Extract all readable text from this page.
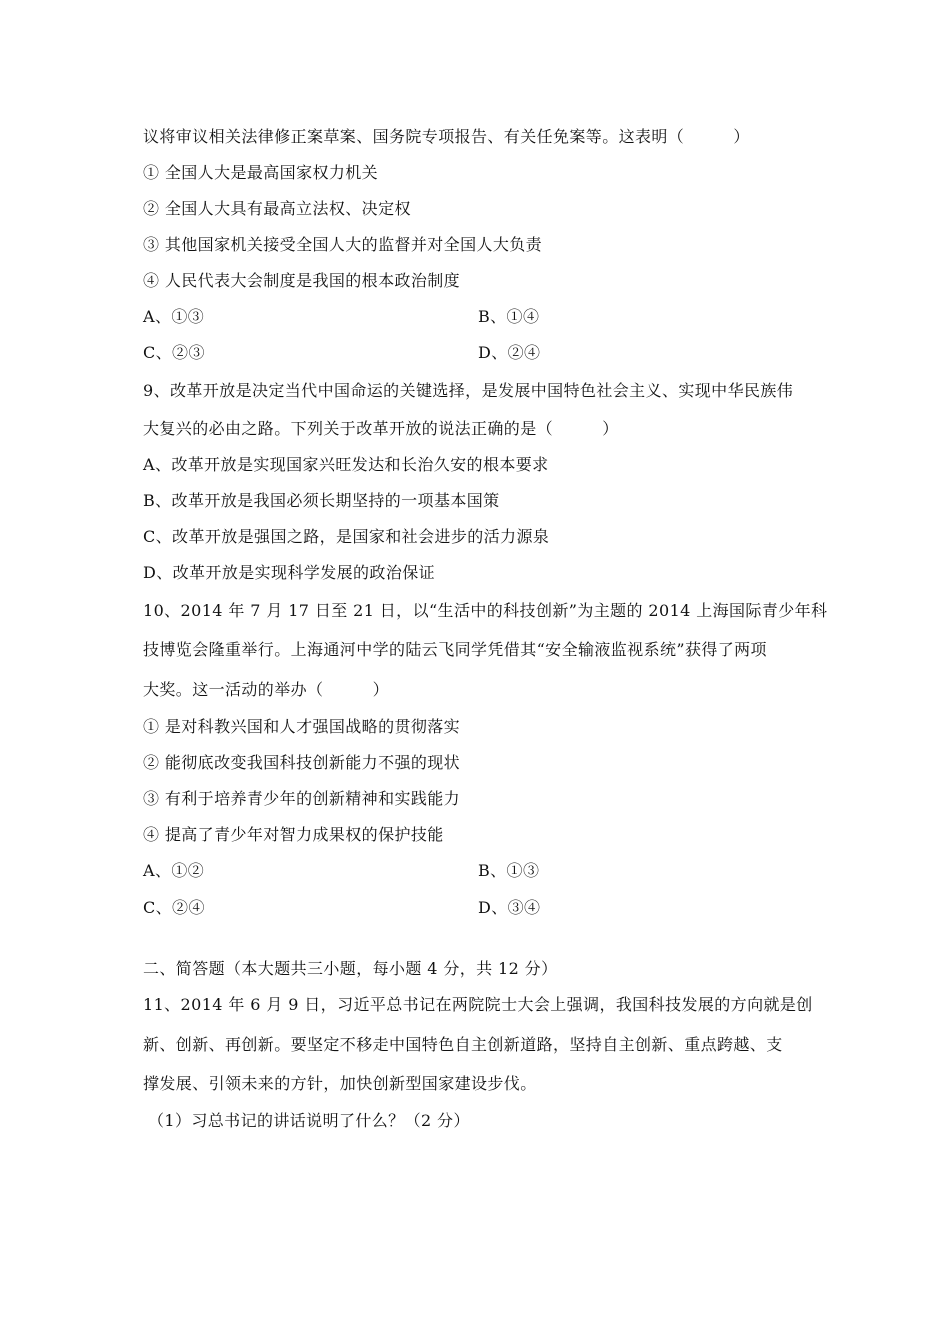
议将审议相关法律修正案草案、国务院专项报告、有关任免案等。这表明（　　　）
① 全国人大是最高国家权力机关
② 全国人大具有最高立法权、决定权
③ 其他国家机关接受全国人大的监督并对全国人大负责
④ 人民代表大会制度是我国的根本政治制度
A、①③	B、①④
C、②③	D、②④
9、改革开放是决定当代中国命运的关键选择，是发展中国特色社会主义、实现中华民族伟
大复兴的必由之路。下列关于改革开放的说法正确的是（　　　）
A、改革开放是实现国家兴旺发达和长治久安的根本要求
B、改革开放是我国必须长期坚持的一项基本国策
C、改革开放是强国之路，是国家和社会进步的活力源泉
D、改革开放是实现科学发展的政治保证
10、2014 年 7 月 17 日至 21 日，以“生活中的科技创新”为主题的 2014 上海国际青少年科
技博览会隆重举行。上海通河中学的陆云飞同学凭借其“安全输液监视系统”获得了两项
大奖。这一活动的举办（　　　）
① 是对科教兴国和人才强国战略的贯彻落实
② 能彻底改变我国科技创新能力不强的现状
③ 有利于培养青少年的创新精神和实践能力
④ 提高了青少年对智力成果权的保护技能
A、①②	B、①③
C、②④	D、③④
二、简答题（本大题共三小题，每小题 4 分，共 12 分）
11、2014 年 6 月 9 日，习近平总书记在两院院士大会上强调，我国科技发展的方向就是创
新、创新、再创新。要坚定不移走中国特色自主创新道路，坚持自主创新、重点跨越、支
撑发展、引领未来的方针，加快创新型国家建设步伐。
（1）习总书记的讲话说明了什么？（2 分）
